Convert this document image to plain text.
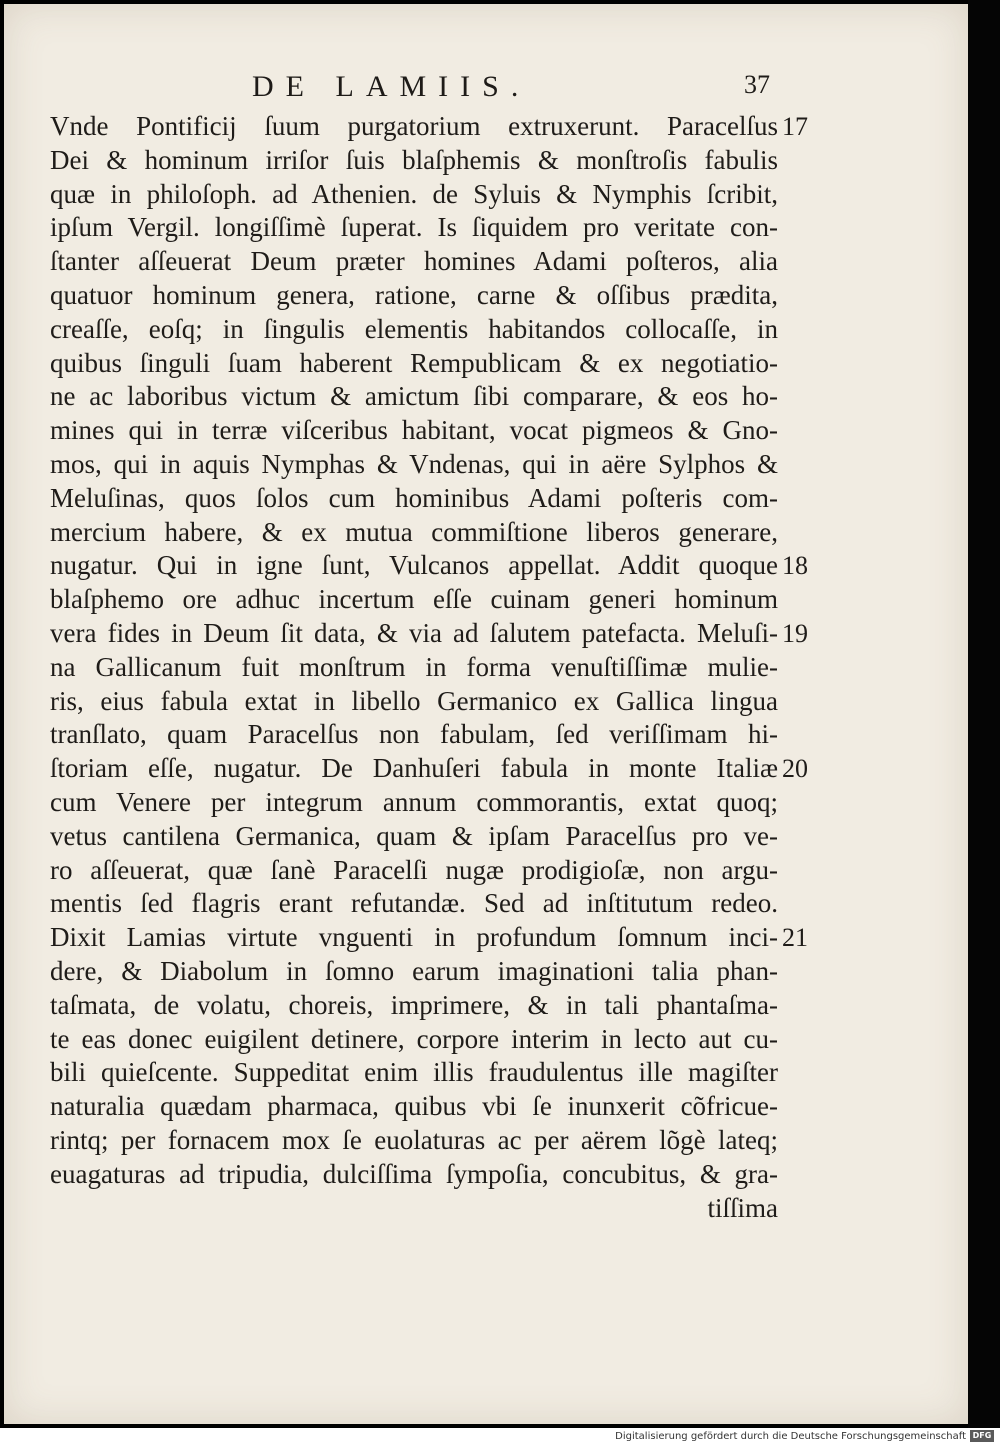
DE LAMIIS.	37
Vnde Pontificij ſuum purgatorium extruxerunt. Paracelſus 17
Dei & hominum irriſor ſuis blaſphemis & monſtroſis fabulis
quæ in philoſoph. ad Athenien. de Syluis & Nymphis ſcribit,
ipſum Vergil. longiſſimè ſuperat. Is ſiquidem pro veritate con-
ſtanter aſſeuerat Deum præter homines Adami poſteros, alia
quatuor hominum genera, ratione, carne & oſſibus prædita,
creaſſe, eoſq; in ſingulis elementis habitandos collocaſſe, in
quibus ſinguli ſuam haberent Rempublicam & ex negotiatio-
ne ac laboribus victum & amictum ſibi comparare, & eos ho-
mines qui in terræ viſceribus habitant, vocat pigmeos & Gno-
mos, qui in aquis Nymphas & Vndenas, qui in aëre Sylphos &
Meluſinas, quos ſolos cum hominibus Adami poſteris com-
mercium habere, & ex mutua commiſtione liberos generare,
nugatur. Qui in igne ſunt, Vulcanos appellat. Addit quoque 18
blaſphemo ore adhuc incertum eſſe cuinam generi hominum
vera fides in Deum ſit data, & via ad ſalutem patefacta. Meluſi- 19
na Gallicanum fuit monſtrum in forma venuſtiſſimæ mulie-
ris, eius fabula extat in libello Germanico ex Gallica lingua
tranſlato, quam Paracelſus non fabulam, ſed veriſſimam hi-
ſtoriam eſſe, nugatur. De Danhuſeri fabula in monte Italiæ 20
cum Venere per integrum annum commorantis, extat quoq;
vetus cantilena Germanica, quam & ipſam Paracelſus pro ve-
ro aſſeuerat, quæ ſanè Paracelſi nugæ prodigioſæ, non argu-
mentis ſed flagris erant refutandæ. Sed ad inſtitutum redeo.
Dixit Lamias virtute vnguenti in profundum ſomnum inci- 21
dere, & Diabolum in ſomno earum imaginationi talia phan-
taſmata, de volatu, choreis, imprimere, & in tali phantaſma-
te eas donec euigilent detinere, corpore interim in lecto aut cu-
bili quieſcente. Suppeditat enim illis fraudulentus ille magiſter
naturalia quædam pharmaca, quibus vbi ſe inunxerit cõfricue-
rintq; per fornacem mox ſe euolaturas ac per aërem lõgè lateq;
euagaturas ad tripudia, dulciſſima ſympoſia, concubitus, & gra-
tiſſima
Digitalisierung gefördert durch die Deutsche Forschungsgemeinschaft DFG
